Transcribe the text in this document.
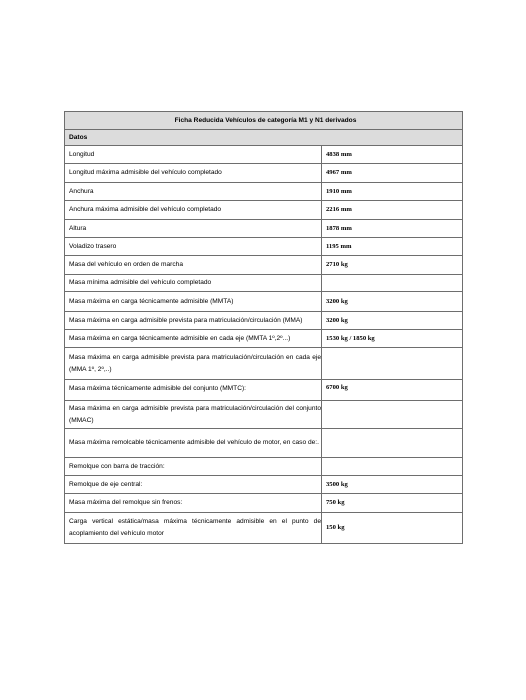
Ficha Reducida Vehículos de categoría M1 y N1 derivados	
Datos	
Longitud	4838 mm
Longitud máxima admisible del vehículo completado	4967 mm
Anchura	1910 mm
Anchura máxima admisible del vehículo completado	2216 mm
Altura	1878 mm
Voladizo trasero	1195 mm
Masa del vehículo en orden de marcha	2710 kg
Masa mínima admisible del vehículo completado	
Masa máxima en carga técnicamente admisible (MMTA)	3200 kg
Masa máxima en carga admisible prevista para matriculación/circulación (MMA)	3200 kg
Masa máxima en carga técnicamente admisible en cada eje (MMTA 1º,2º...)	1530 kg / 1850 kg
Masa máxima en carga admisible prevista para matriculación/circulación en cada eje (MMA 1º, 2º,..)	
Masa máxima técnicamente admisible del conjunto (MMTC):	6700 kg
Masa máxima en carga admisible prevista para matriculación/circulación del conjunto (MMAC)	
Masa máxima remolcable técnicamente admisible del vehículo de motor, en caso de:.	
Remolque con barra de tracción:	
Remolque de eje central:	3500 kg
Masa máxima del remolque sin frenos:	750 kg
Carga vertical estática/masa máxima técnicamente admisible en el punto de acoplamiento del vehículo motor	150 kg
